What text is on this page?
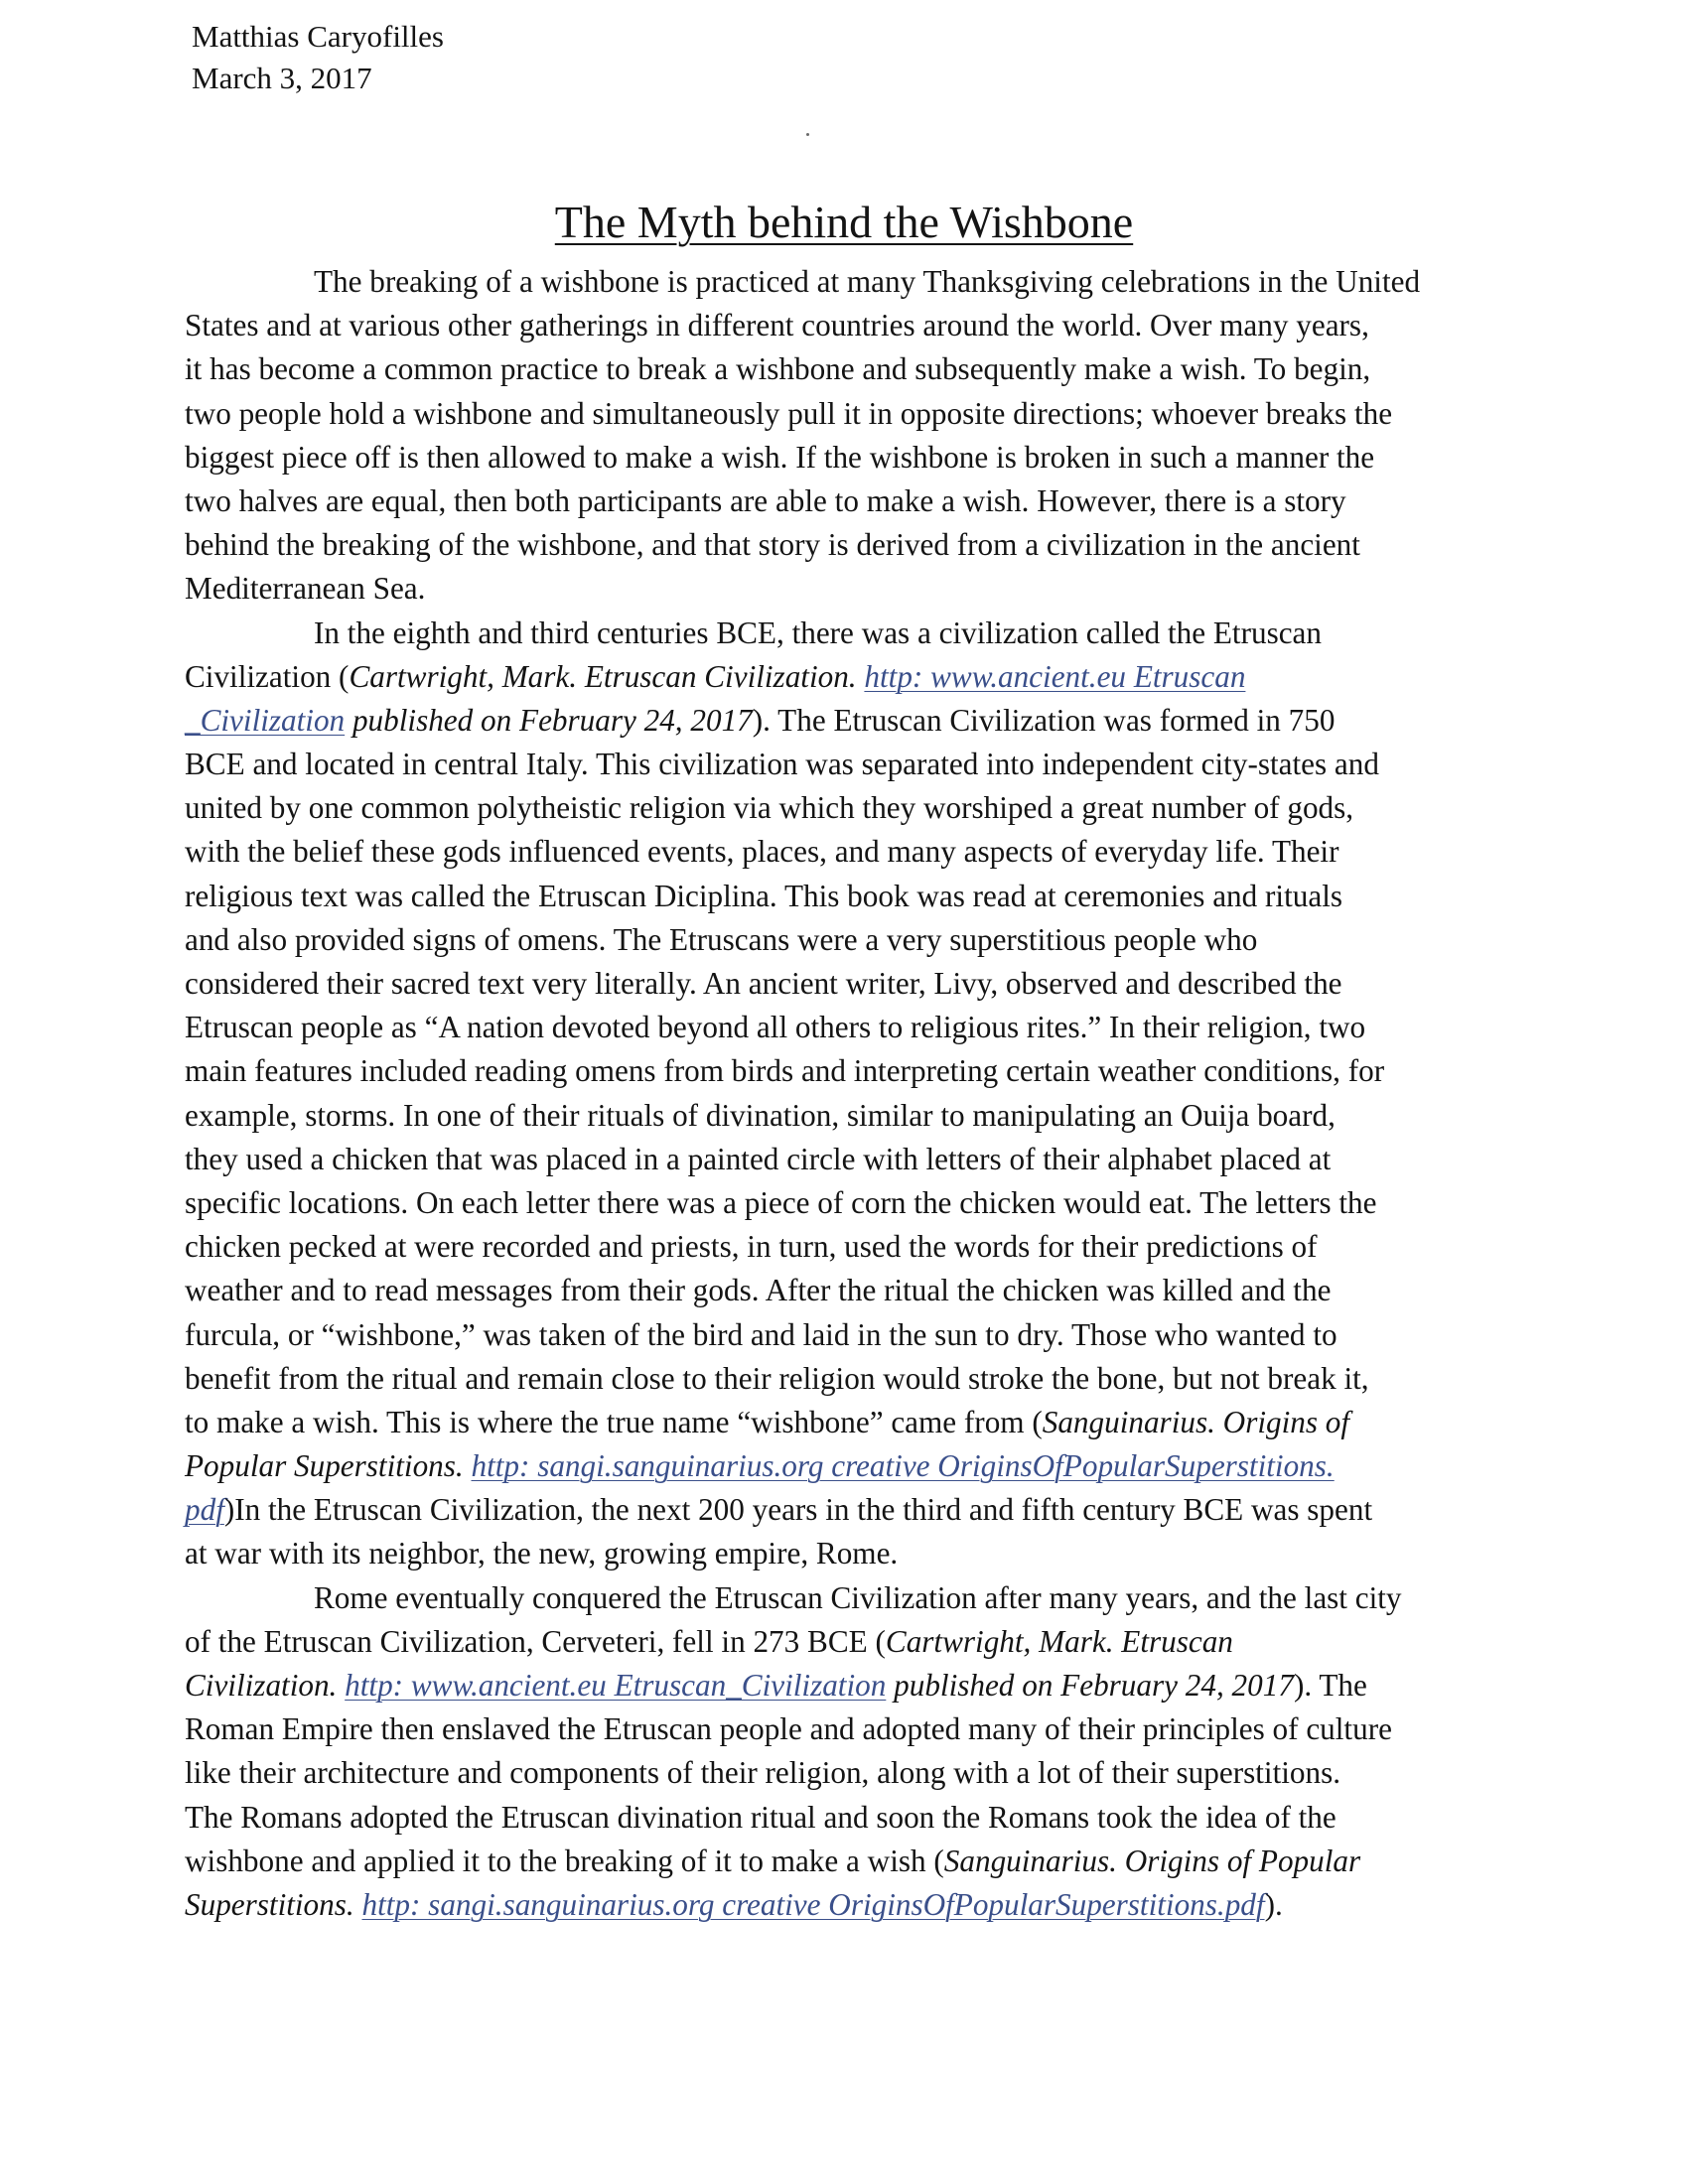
Matthias Caryofilles
March 3, 2017
The Myth behind the Wishbone
The breaking of a wishbone is practiced at many Thanksgiving celebrations in the United
States and at various other gatherings in different countries around the world. Over many years,
it has become a common practice to break a wishbone and subsequently make a wish. To begin,
two people hold a wishbone and simultaneously pull it in opposite directions; whoever breaks the
biggest piece off is then allowed to make a wish. If the wishbone is broken in such a manner the
two halves are equal, then both participants are able to make a wish. However, there is a story
behind the breaking of the wishbone, and that story is derived from a civilization in the ancient
Mediterranean Sea.
In the eighth and third centuries BCE, there was a civilization called the Etruscan
Civilization (Cartwright, Mark. Etruscan Civilization. http: www.ancient.eu Etruscan
_Civilization published on February 24, 2017). The Etruscan Civilization was formed in 750
BCE and located in central Italy. This civilization was separated into independent city-states and
united by one common polytheistic religion via which they worshiped a great number of gods,
with the belief these gods influenced events, places, and many aspects of everyday life. Their
religious text was called the Etruscan Diciplina. This book was read at ceremonies and rituals
and also provided signs of omens. The Etruscans were a very superstitious people who
considered their sacred text very literally. An ancient writer, Livy, observed and described the
Etruscan people as “A nation devoted beyond all others to religious rites.” In their religion, two
main features included reading omens from birds and interpreting certain weather conditions, for
example, storms. In one of their rituals of divination, similar to manipulating an Ouija board,
they used a chicken that was placed in a painted circle with letters of their alphabet placed at
specific locations. On each letter there was a piece of corn the chicken would eat. The letters the
chicken pecked at were recorded and priests, in turn, used the words for their predictions of
weather and to read messages from their gods. After the ritual the chicken was killed and the
furcula, or “wishbone,” was taken of the bird and laid in the sun to dry. Those who wanted to
benefit from the ritual and remain close to their religion would stroke the bone, but not break it,
to make a wish. This is where the true name “wishbone” came from (Sanguinarius. Origins of
Popular Superstitions. http: sangi.sanguinarius.org creative OriginsOfPopularSuperstitions.
pdf)In the Etruscan Civilization, the next 200 years in the third and fifth century BCE was spent
at war with its neighbor, the new, growing empire, Rome.
Rome eventually conquered the Etruscan Civilization after many years, and the last city
of the Etruscan Civilization, Cerveteri, fell in 273 BCE (Cartwright, Mark. Etruscan
Civilization. http: www.ancient.eu Etruscan_Civilization published on February 24, 2017). The
Roman Empire then enslaved the Etruscan people and adopted many of their principles of culture
like their architecture and components of their religion, along with a lot of their superstitions.
The Romans adopted the Etruscan divination ritual and soon the Romans took the idea of the
wishbone and applied it to the breaking of it to make a wish (Sanguinarius. Origins of Popular
Superstitions. http: sangi.sanguinarius.org creative OriginsOfPopularSuperstitions.pdf).
